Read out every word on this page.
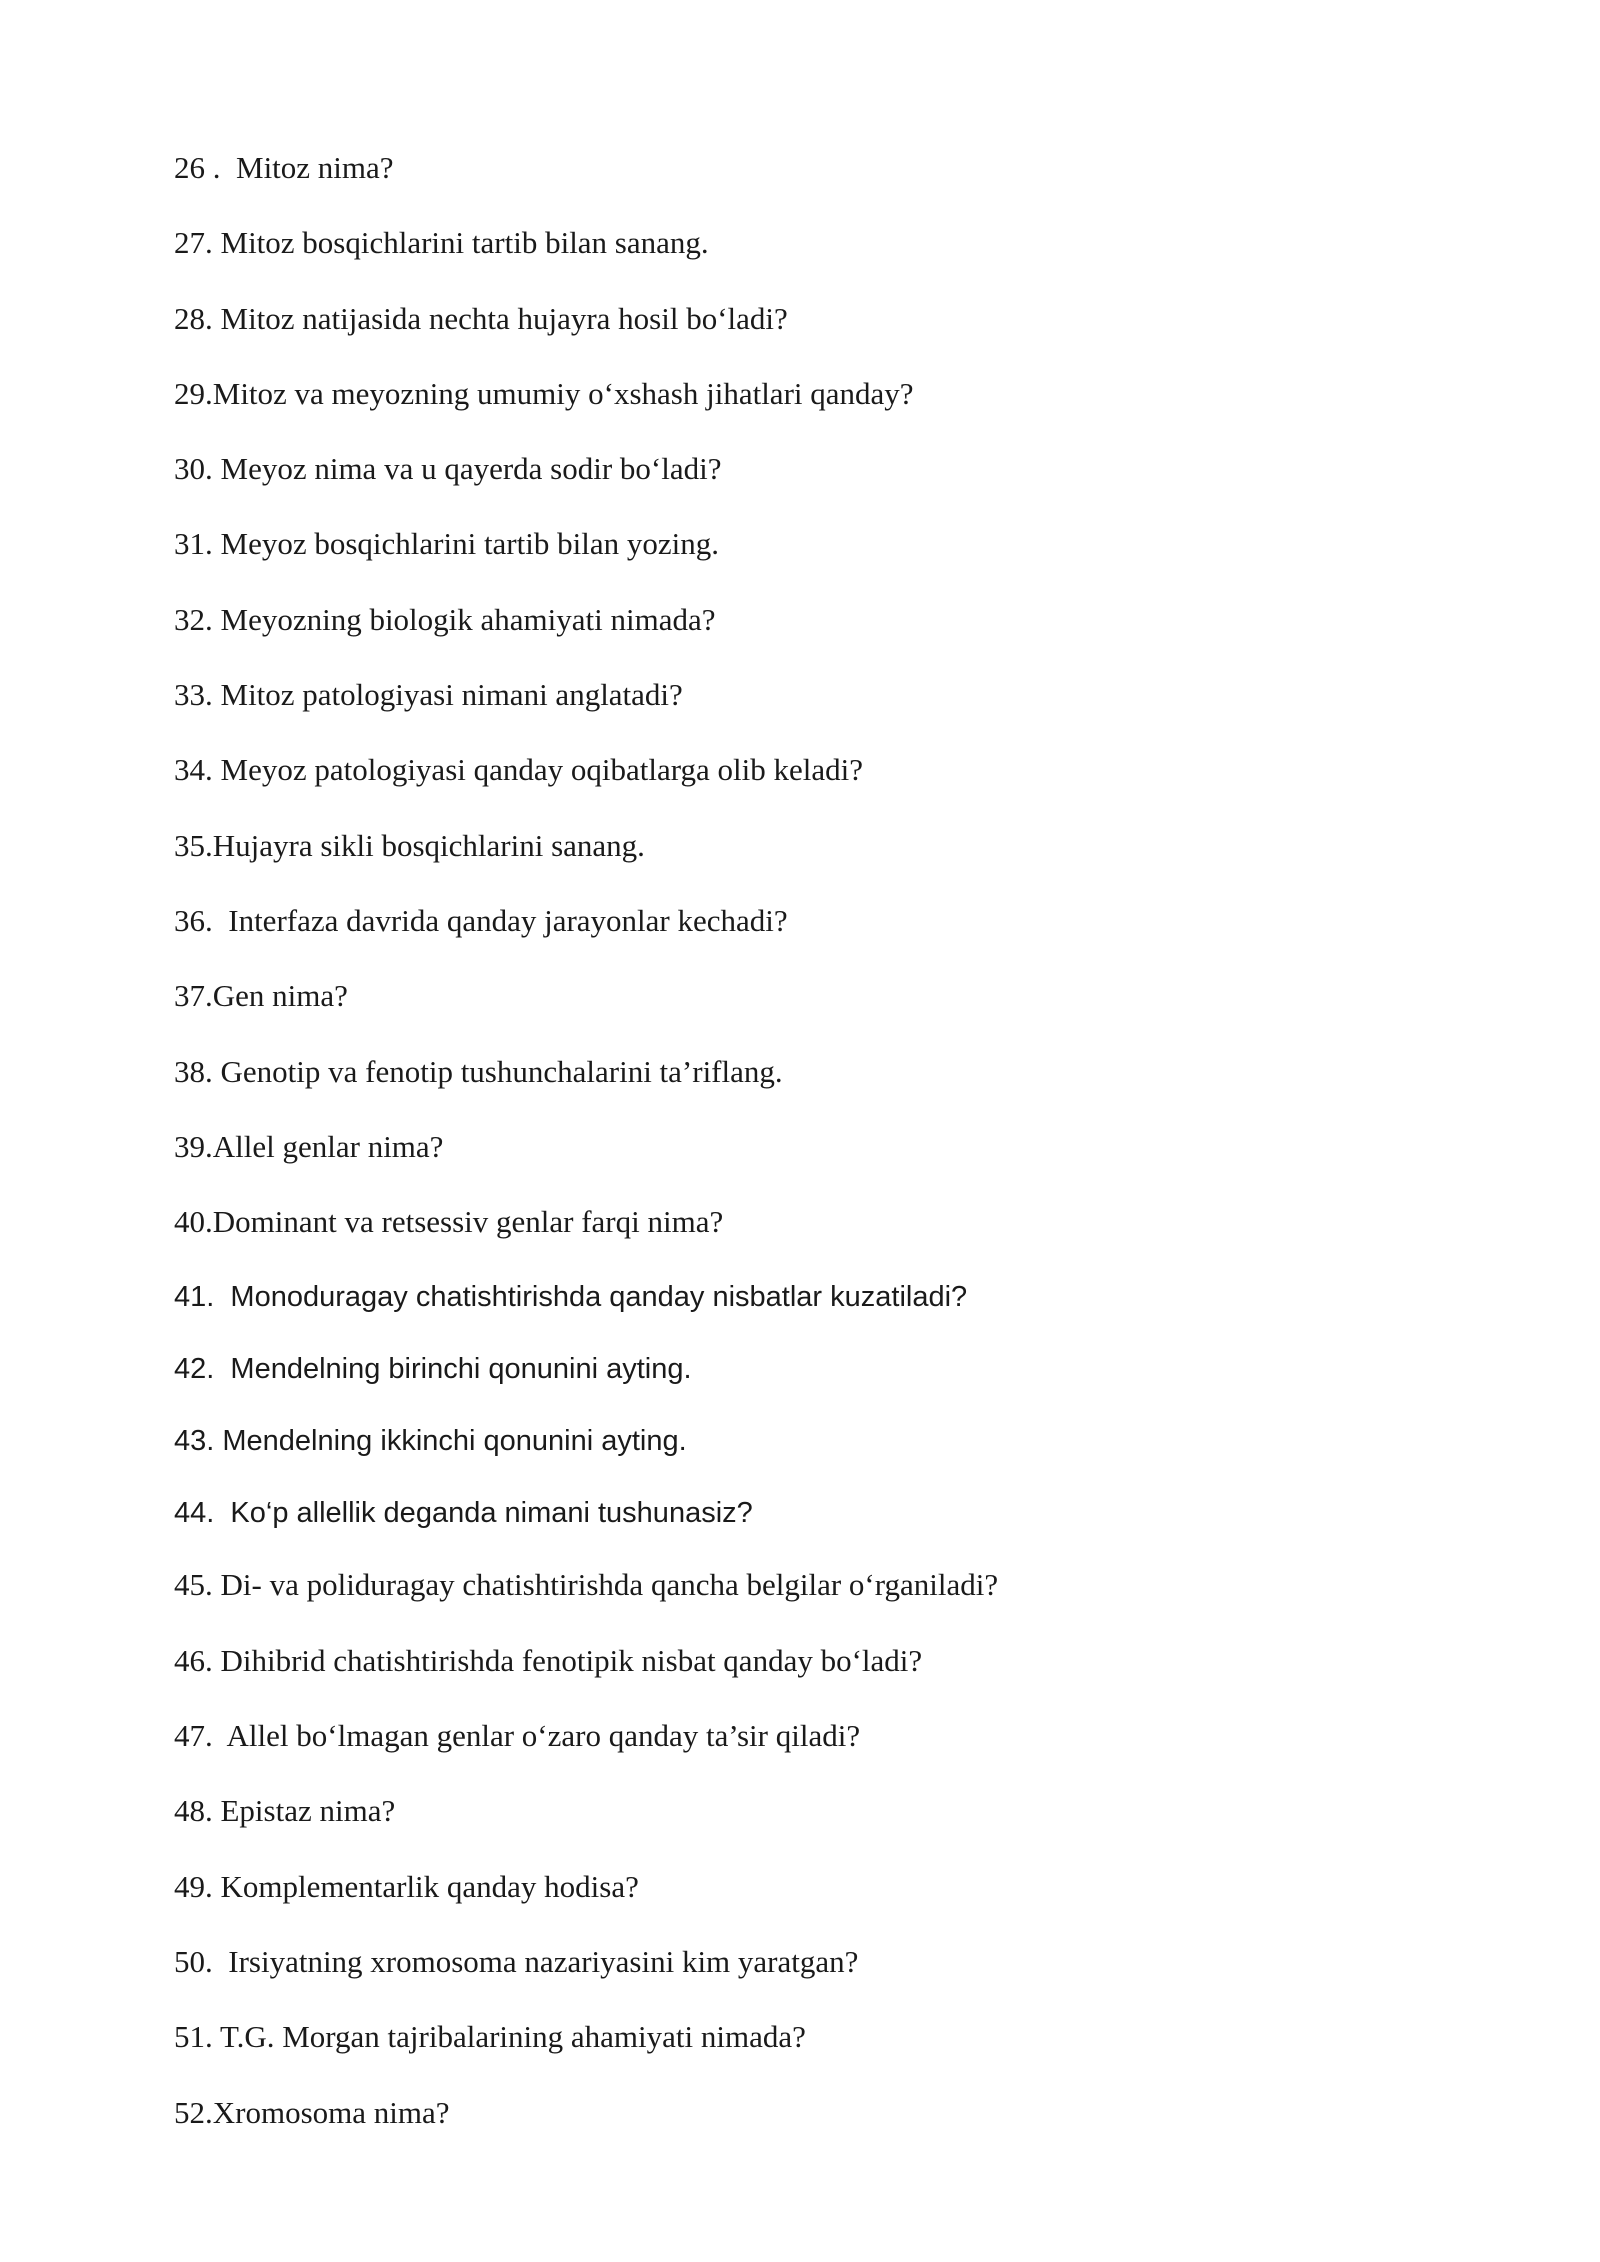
26 .  Mitoz nima?
27. Mitoz bosqichlarini tartib bilan sanang.
28. Mitoz natijasida nechta hujayra hosil bo‘ladi?
29.Mitoz va meyozning umumiy o‘xshash jihatlari qanday?
30. Meyoz nima va u qayerda sodir bo‘ladi?
31. Meyoz bosqichlarini tartib bilan yozing.
32. Meyozning biologik ahamiyati nimada?
33. Mitoz patologiyasi nimani anglatadi?
34. Meyoz patologiyasi qanday oqibatlarga olib keladi?
35.Hujayra sikli bosqichlarini sanang.
36.  Interfaza davrida qanday jarayonlar kechadi?
37.Gen nima?
38. Genotip va fenotip tushunchalarini ta’riflang.
39.Allel genlar nima?
40.Dominant va retsessiv genlar farqi nima?
41.  Monoduragay chatishtirishda qanday nisbatlar kuzatiladi?
42.  Mendelning birinchi qonunini ayting.
43. Mendelning ikkinchi qonunini ayting.
44.  Ko‘p allellik deganda nimani tushunasiz?
45. Di- va poliduragay chatishtirishda qancha belgilar o‘rganiladi?
46. Dihibrid chatishtirishda fenotipik nisbat qanday bo‘ladi?
47.  Allel bo‘lmagan genlar o‘zaro qanday ta’sir qiladi?
48. Epistaz nima?
49. Komplementarlik qanday hodisa?
50.  Irsiyatning xromosoma nazariyasini kim yaratgan?
51. T.G. Morgan tajribalarining ahamiyati nimada?
52.Xromosoma nima?
